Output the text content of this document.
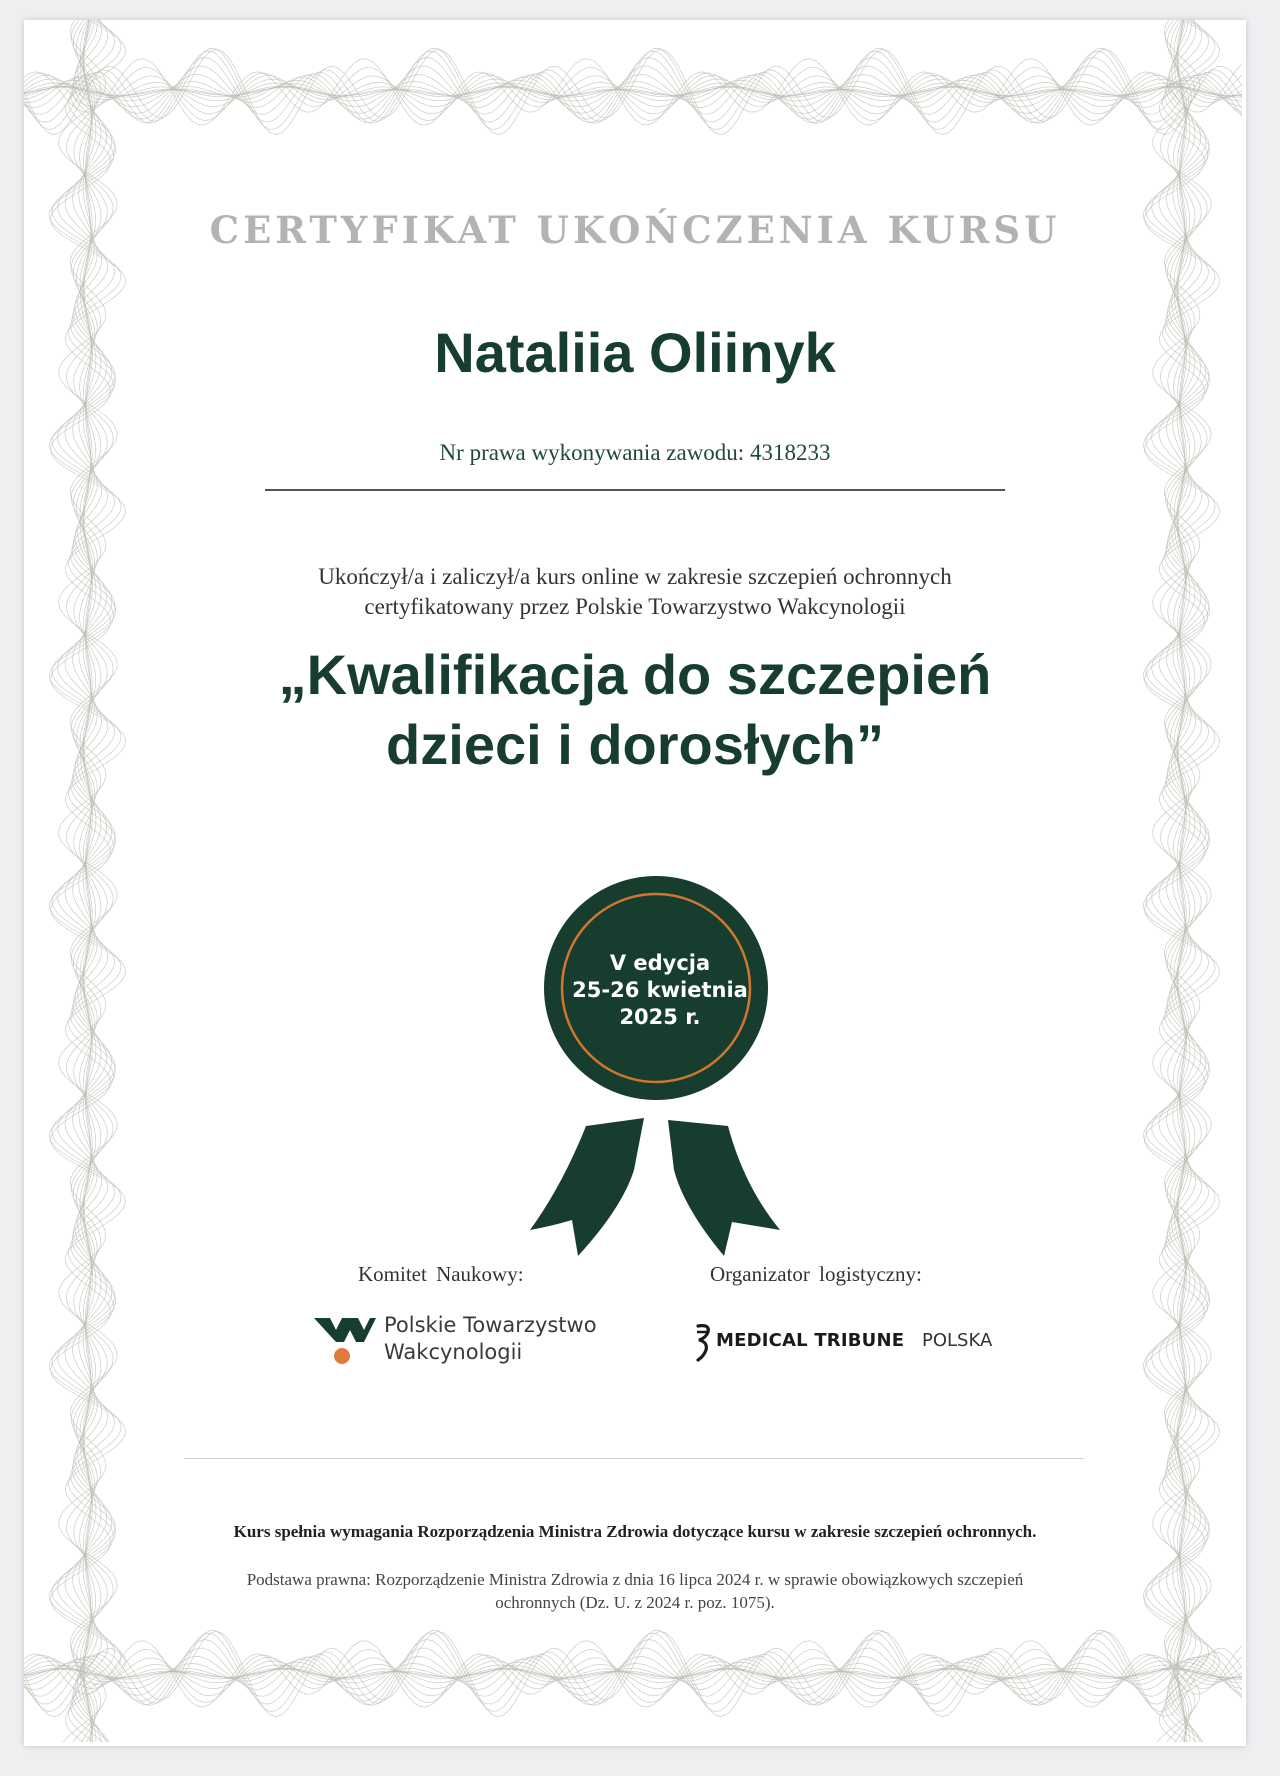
CERTYFIKAT UKOŃCZENIA KURSU
Nataliia Oliinyk
Nr prawa wykonywania zawodu: 4318233
Ukończył/a i zaliczył/a kurs online w zakresie szczepień ochronnych
certyfikatowany przez Polskie Towarzystwo Wakcynologii
„Kwalifikacja do szczepień
dzieci i dorosłych”
V edycja
25-26 kwietnia
2025 r.
Komitet Naukowy:	Organizator logistyczny:
Polskie Towarzystwo
Wakcynologii	MEDICAL TRIBUNE POLSKA
Kurs spełnia wymagania Rozporządzenia Ministra Zdrowia dotyczące kursu w zakresie szczepień ochronnych.
Podstawa prawna: Rozporządzenie Ministra Zdrowia z dnia 16 lipca 2024 r. w sprawie obowiązkowych szczepień
ochronnych (Dz. U. z 2024 r. poz. 1075).
